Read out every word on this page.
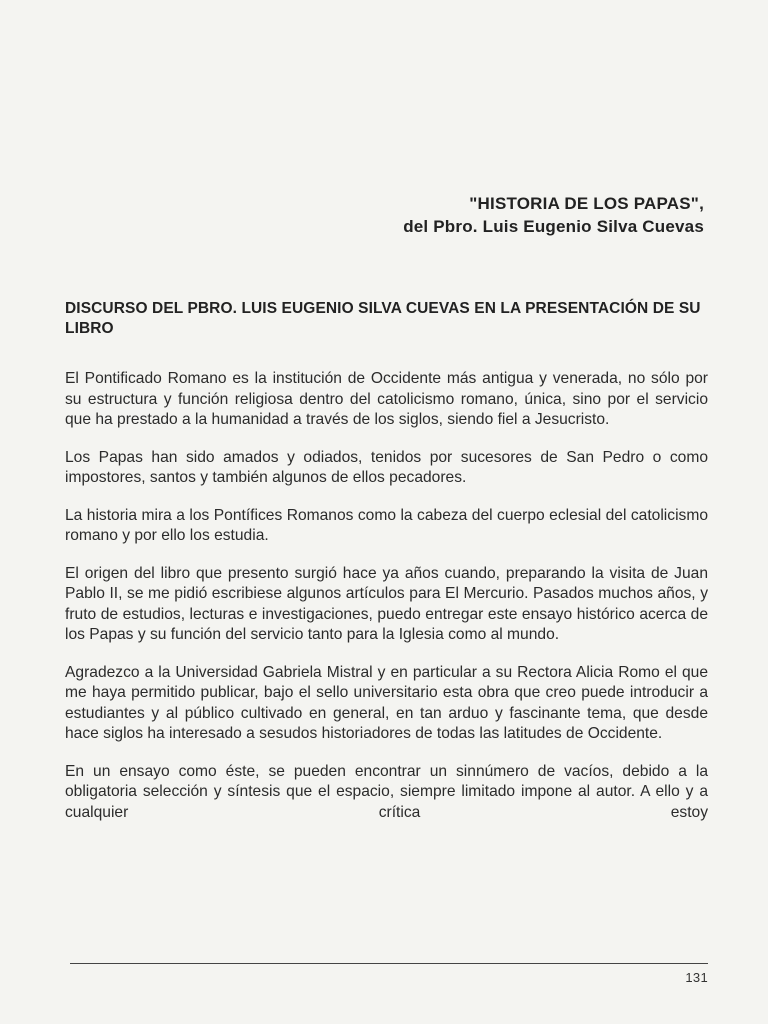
"HISTORIA DE LOS PAPAS",
del Pbro. Luis Eugenio Silva Cuevas
DISCURSO DEL PBRO. LUIS EUGENIO SILVA CUEVAS EN LA PRESENTACIÓN DE SU LIBRO

El Pontificado Romano es la institución de Occidente más antigua y venerada, no sólo por su estructura y función religiosa dentro del catolicismo romano, única, sino por el servicio que ha prestado a la humanidad a través de los siglos, siendo fiel a Jesucristo.

Los Papas han sido amados y odiados, tenidos por sucesores de San Pedro o como impostores, santos y también algunos de ellos pecadores.

La historia mira a los Pontífices Romanos como la cabeza del cuerpo eclesial del catolicismo romano y por ello los estudia.

El origen del libro que presento surgió hace ya años cuando, preparando la visita de Juan Pablo II, se me pidió escribiese algunos artículos para El Mercurio. Pasados muchos años, y fruto de estudios, lecturas e investigaciones, puedo entregar este ensayo histórico acerca de los Papas y su función del servicio tanto para la Iglesia como al mundo.

Agradezco a la Universidad Gabriela Mistral y en particular a su Rectora Alicia Romo el que me haya permitido publicar, bajo el sello universitario esta obra que creo puede introducir a estudiantes y al público cultivado en general, en tan arduo y fascinante tema, que desde hace siglos ha interesado a sesudos historiadores de todas las latitudes de Occidente.

En un ensayo como éste, se pueden encontrar un sinnúmero de vacíos, debido a la obligatoria selección y síntesis que el espacio, siempre limitado impone al autor. A ello y a cualquier crítica estoy

131
